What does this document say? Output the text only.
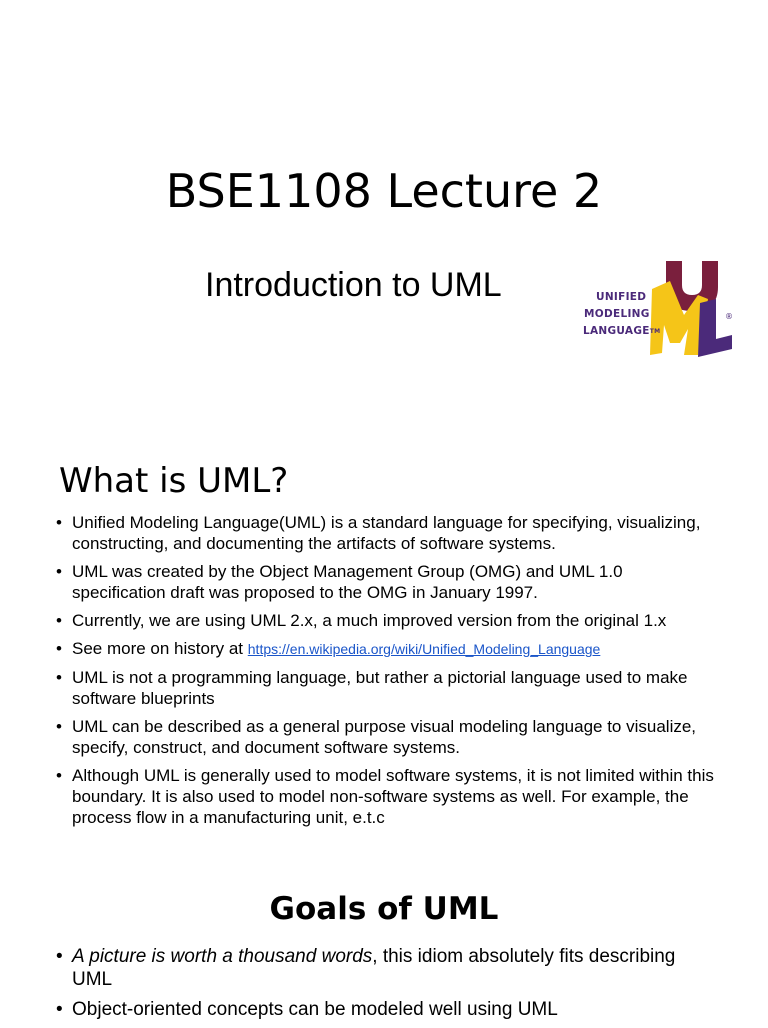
BSE1108 Lecture 2
Introduction to UML
®
UNIFIED
MODELING
LANGUAGETM
What is UML?
• Unified Modeling Language(UML) is a standard language for specifying, visualizing, constructing, and documenting the artifacts of software systems.
• UML was created by the Object Management Group (OMG) and UML 1.0 specification draft was proposed to the OMG in January 1997.
• Currently, we are using UML 2.x, a much improved version from the original 1.x
• See more on history at https://en.wikipedia.org/wiki/Unified_Modeling_Language
• UML is not a programming language, but rather a pictorial language used to make software blueprints
• UML can be described as a general purpose visual modeling language to visualize, specify, construct, and document software systems.
• Although UML is generally used to model software systems, it is not limited within this boundary. It is also used to model non-software systems as well. For example, the process flow in a manufacturing unit, e.t.c
Goals of UML
• A picture is worth a thousand words, this idiom absolutely fits describing UML
• Object-oriented concepts can be modeled well using UML
